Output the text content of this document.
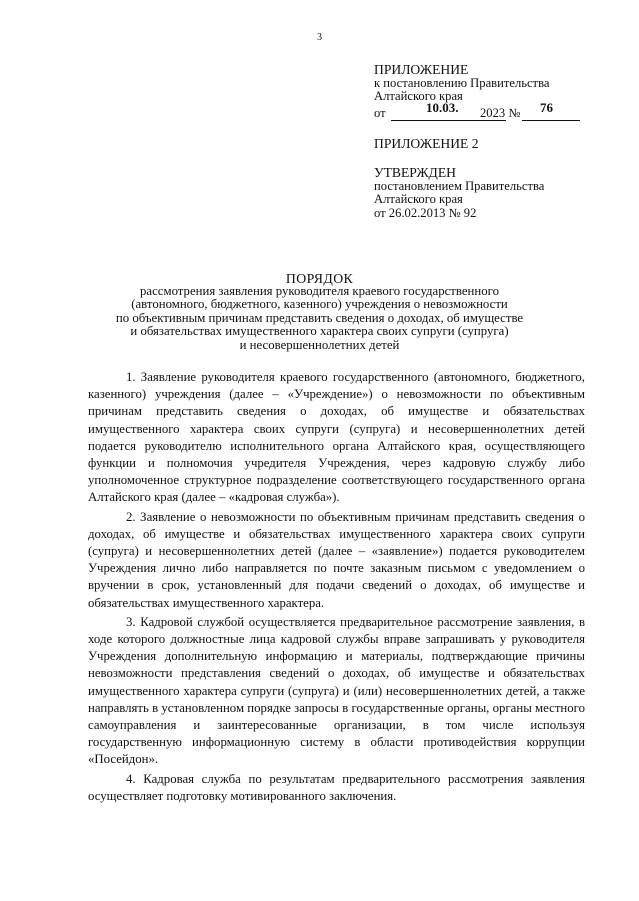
3
ПРИЛОЖЕНИЕ
к постановлению Правительства
Алтайского края
от	10.03. 2023 № 76
ПРИЛОЖЕНИЕ 2
УТВЕРЖДЕН
постановлением Правительства
Алтайского края
от 26.02.2013 № 92
ПОРЯДОК
рассмотрения заявления руководителя краевого государственного
(автономного, бюджетного, казенного) учреждения о невозможности
по объективным причинам представить сведения о доходах, об имуществе
и обязательствах имущественного характера своих супруги (супруга)
и несовершеннолетних детей

1. Заявление руководителя краевого государственного (автономного, бюджетного, казенного) учреждения (далее – «Учреждение») о невозможности по объективным причинам представить сведения о доходах, об имуществе и обязательствах имущественного характера своих супруги (супруга) и несовершеннолетних детей подается руководителю исполнительного органа Алтайского края, осуществляющего функции и полномочия учредителя Учреждения, через кадровую службу либо уполномоченное структурное подразделение соответствующего государственного органа Алтайского края (далее – «кадровая служба»).

2. Заявление о невозможности по объективным причинам представить сведения о доходах, об имуществе и обязательствах имущественного характера своих супруги (супруга) и несовершеннолетних детей (далее – «заявление») подается руководителем Учреждения лично либо направляется по почте заказным письмом с уведомлением о вручении в срок, установленный для подачи сведений о доходах, об имуществе и обязательствах имущественного характера.

3. Кадровой службой осуществляется предварительное рассмотрение заявления, в ходе которого должностные лица кадровой службы вправе запрашивать у руководителя Учреждения дополнительную информацию и материалы, подтверждающие причины невозможности представления сведений о доходах, об имуществе и обязательствах имущественного характера супруги (супруга) и (или) несовершеннолетних детей, а также направлять в установленном порядке запросы в государственные органы, органы местного самоуправления и заинтересованные организации, в том числе используя государственную информационную систему в области противодействия коррупции «Посейдон».

4. Кадровая служба по результатам предварительного рассмотрения заявления осуществляет подготовку мотивированного заключения.
